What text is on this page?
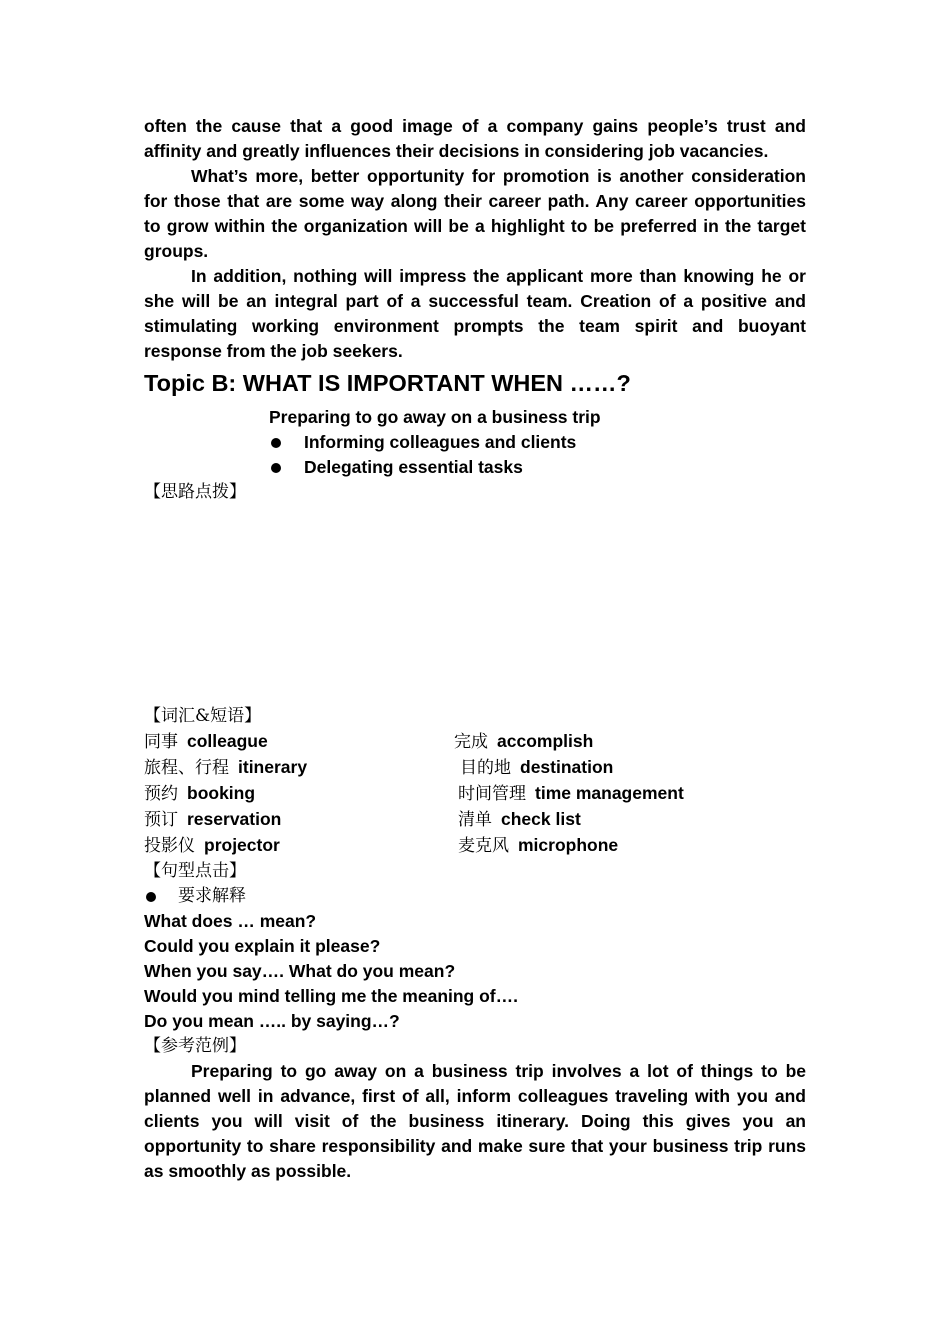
often the cause that a good image of a company gains people’s trust and affinity and greatly influences their decisions in considering job vacancies.

What’s more, better opportunity for promotion is another consideration for those that are some way along their career path. Any career opportunities to grow within the organization will be a highlight to be preferred in the target groups.

In addition, nothing will impress the applicant more than knowing he or she will be an integral part of a successful team. Creation of a positive and stimulating working environment prompts the team spirit and buoyant response from the job seekers.

Topic B: WHAT IS IMPORTANT WHEN ……?
Preparing to go away on a business trip
Informing colleagues and clients
Delegating essential tasks
【思路点拨】
【词汇&短语】
同事 colleague	完成 accomplish
旅程、行程 itinerary	目的地 destination
预约 booking	时间管理 time management
预订 reservation	清单 check list
投影仪 projector	麦克风 microphone
【句型点击】
要求解释
What does … mean?
Could you explain it please?
When you say…. What do you mean?
Would you mind telling me the meaning of….
Do you mean ….. by saying…?
【参考范例】

Preparing to go away on a business trip involves a lot of things to be planned well in advance, first of all, inform colleagues traveling with you and clients you will visit of the business itinerary. Doing this gives you an opportunity to share responsibility and make sure that your business trip runs as smoothly as possible.
